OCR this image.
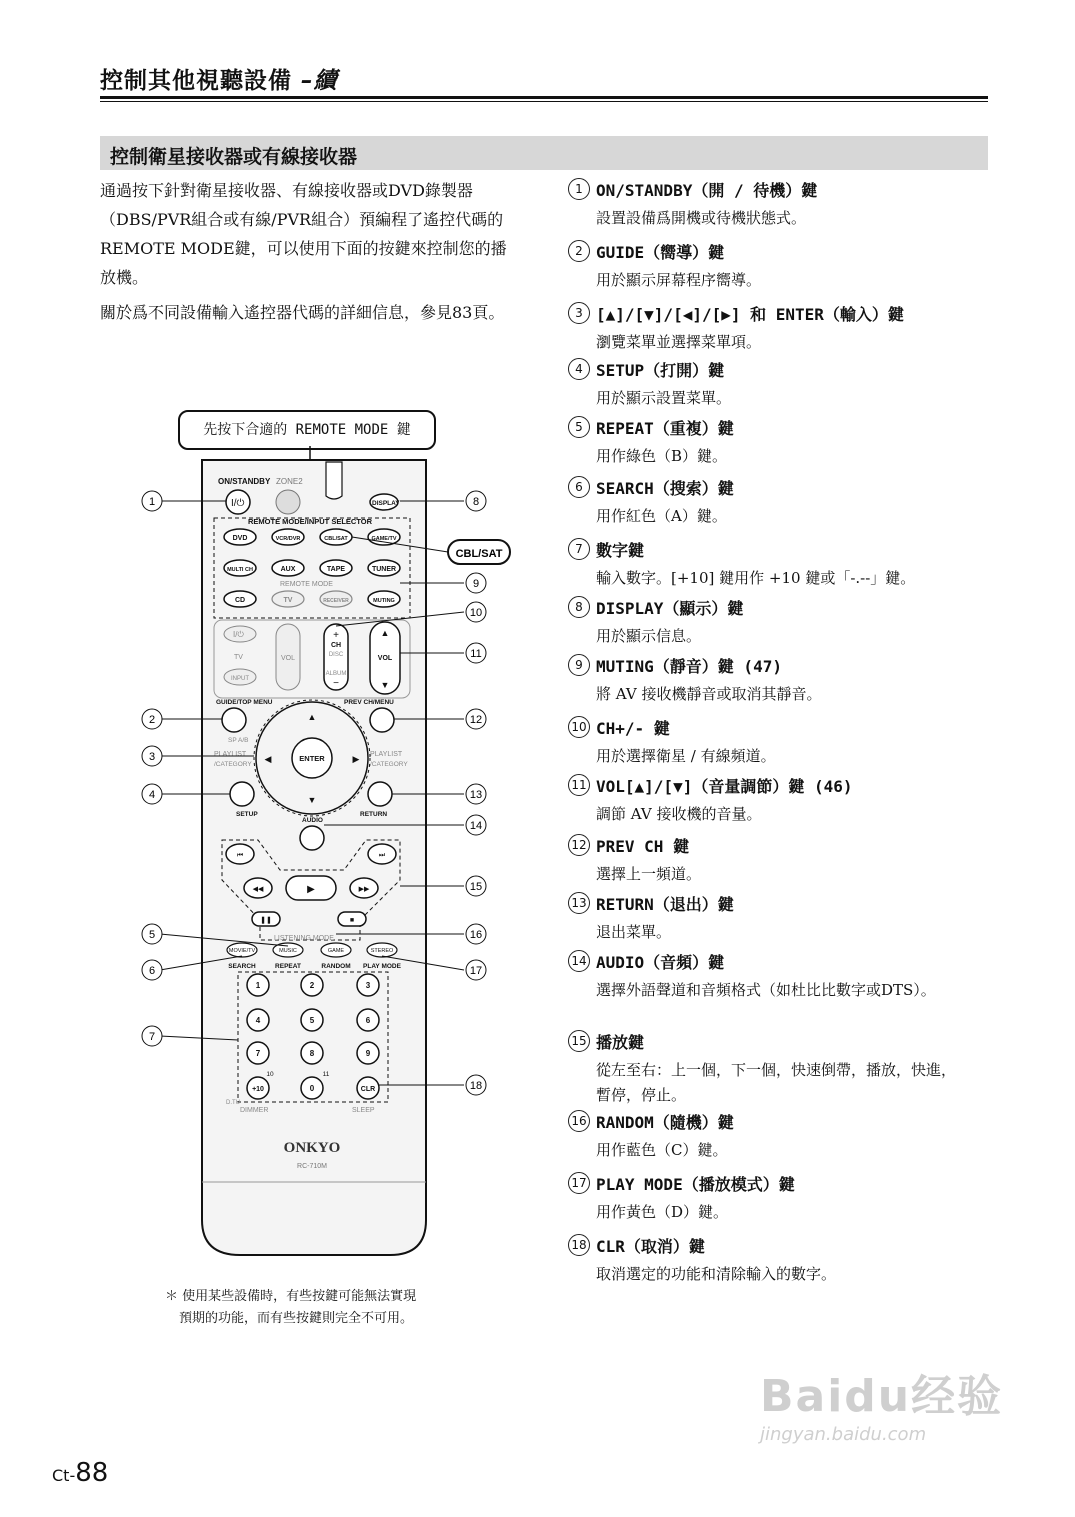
控制其他視聽設備 –續
控制衛星接收器或有線接收器
通過按下針對衛星接收器、有線接收器或DVD錄製器（DBS/PVR組合或有線/PVR組合）預編程了遙控代碼的REMOTE MODE鍵，可以使用下面的按鍵來控制您的播放機。
關於爲不同設備輸入遙控器代碼的詳細信息，參見83頁。
先按下合適的 REMOTE MODE 鍵
ON/STANDBY
I/⏻
ZONE2
DISPLAY
REMOTE MODE/INPUT SELECTOR
DVD	VCR/DVR	CBL/SAT	GAME/TV
MULTI CH	AUX	TAPE	TUNER
REMOTE MODE
CD	TV	RECEIVER	MUTING
I/⏻
TV
INPUT
VOL
+
CH
DISC
ALBUM
−
VOL
▲
▼
GUIDE/TOP MENU	PREV CH/MENU
SP A/B
ENTER
▲
▼
◀	▶
PLAYLIST
/CATEGORY
PLAYLIST
/CATEGORY
SETUP	RETURN
AUDIO
⏮	⏭
◀◀	▶	▶▶
❚❚	■
LISTENING MODE
MOVIE/TV	MUSIC	GAME	STEREO
SEARCH	REPEAT	RANDOM PLAY MODE
1	2	3
4	5	6
7	8	9
10	11
+10	0	CLR
D.TU
DIMMER	SLEEP
ONKYO
RC-710M
CBL/SAT
1
2
3
4
5
6
7
8
9
10
11
12
13
14
15
16
17
18
1 ON/STANDBY（開 / 待機）鍵
設置設備爲開機或待機狀態式。
2 GUIDE（嚮導）鍵
用於顯示屏幕程序嚮導。
3 [▲]/[▼]/[◀]/[▶] 和 ENTER（輸入）鍵
瀏覽菜單並選擇菜單項。
4 SETUP（打開）鍵
用於顯示設置菜單。
5 REPEAT（重複）鍵
用作綠色（B）鍵。
6 SEARCH（搜索）鍵
用作紅色（A）鍵。
7 數字鍵
輸入數字。[+10] 鍵用作 +10 鍵或「-.--」鍵。
8 DISPLAY（顯示）鍵
用於顯示信息。
9 MUTING（靜音）鍵 (47)
將 AV 接收機靜音或取消其靜音。
10 CH+/- 鍵
用於選擇衛星 / 有線頻道。
11 VOL[▲]/[▼]（音量調節）鍵 (46)
調節 AV 接收機的音量。
12 PREV CH 鍵
選擇上一頻道。
13 RETURN（退出）鍵
退出菜單。
14 AUDIO（音頻）鍵
選擇外語聲道和音頻格式（如杜比比數字或DTS）。
15 播放鍵
從左至右：上一個，下一個，快速倒帶，播放，快進，暫停，停止。
16 RANDOM（隨機）鍵
用作藍色（C）鍵。
17 PLAY MODE（播放模式）鍵
用作黃色（D）鍵。
18 CLR（取消）鍵
取消選定的功能和清除輸入的數字。
＊ 使用某些設備時，有些按鍵可能無法實現
預期的功能，而有些按鍵則完全不可用。
Ct-88
Baidu经验
jingyan.baidu.com
